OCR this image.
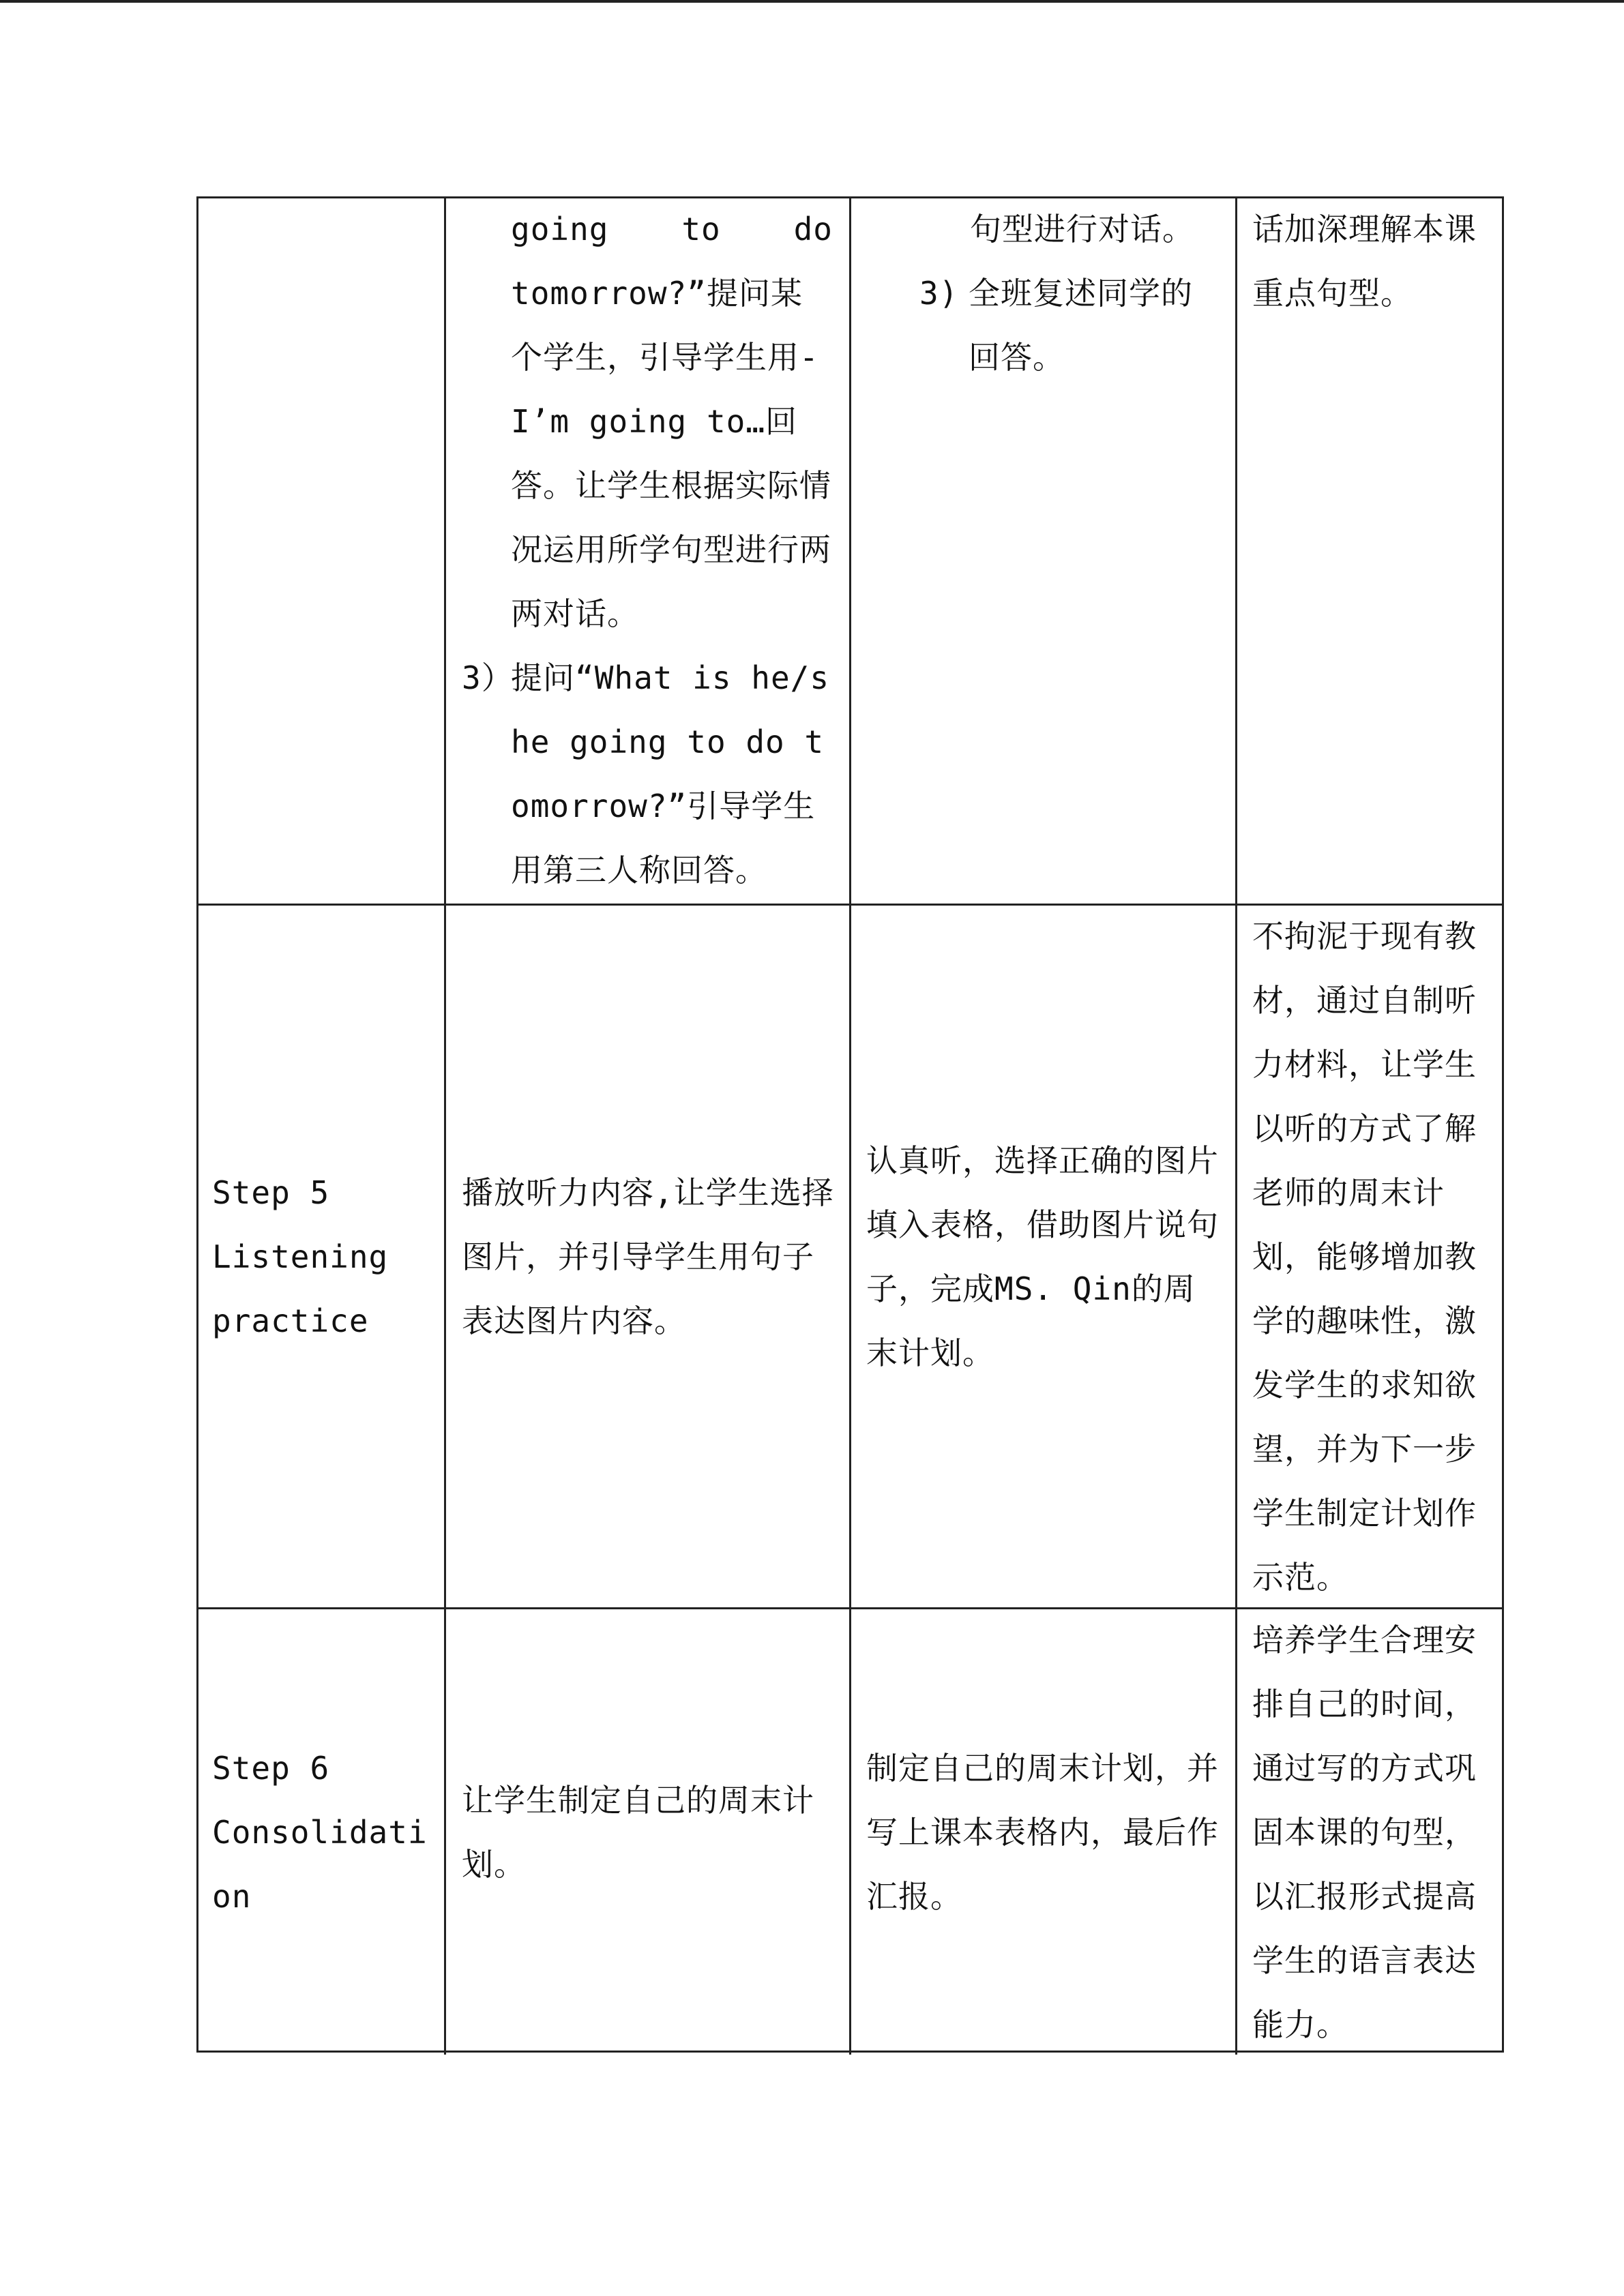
going to do
tomorrow?”提问某个学生，引导学生用-I’m going to…回答。让学生根据实际情况运用所学句型进行两两对话。
3）
提问“What is he/she going to do tomorrow?”引导学生用第三人称回答。
句型进行对话。
3) 全班复述同学的回答。
话加深理解本课重点句型。
Step 5
Listening
practice
播放听力内容,让学生选择图片，并引导学生用句子表达图片内容。
认真听，选择正确的图片填入表格，借助图片说句子，完成MS. Qin的周末计划。
不拘泥于现有教材，通过自制听力材料，让学生以听的方式了解老师的周末计划，能够增加教学的趣味性，激发学生的求知欲望，并为下一步学生制定计划作示范。
Step 6
Consolidation
让学生制定自己的周末计划。
制定自己的周末计划，并写上课本表格内，最后作汇报。
培养学生合理安排自己的时间，通过写的方式巩固本课的句型，以汇报形式提高学生的语言表达能力。
